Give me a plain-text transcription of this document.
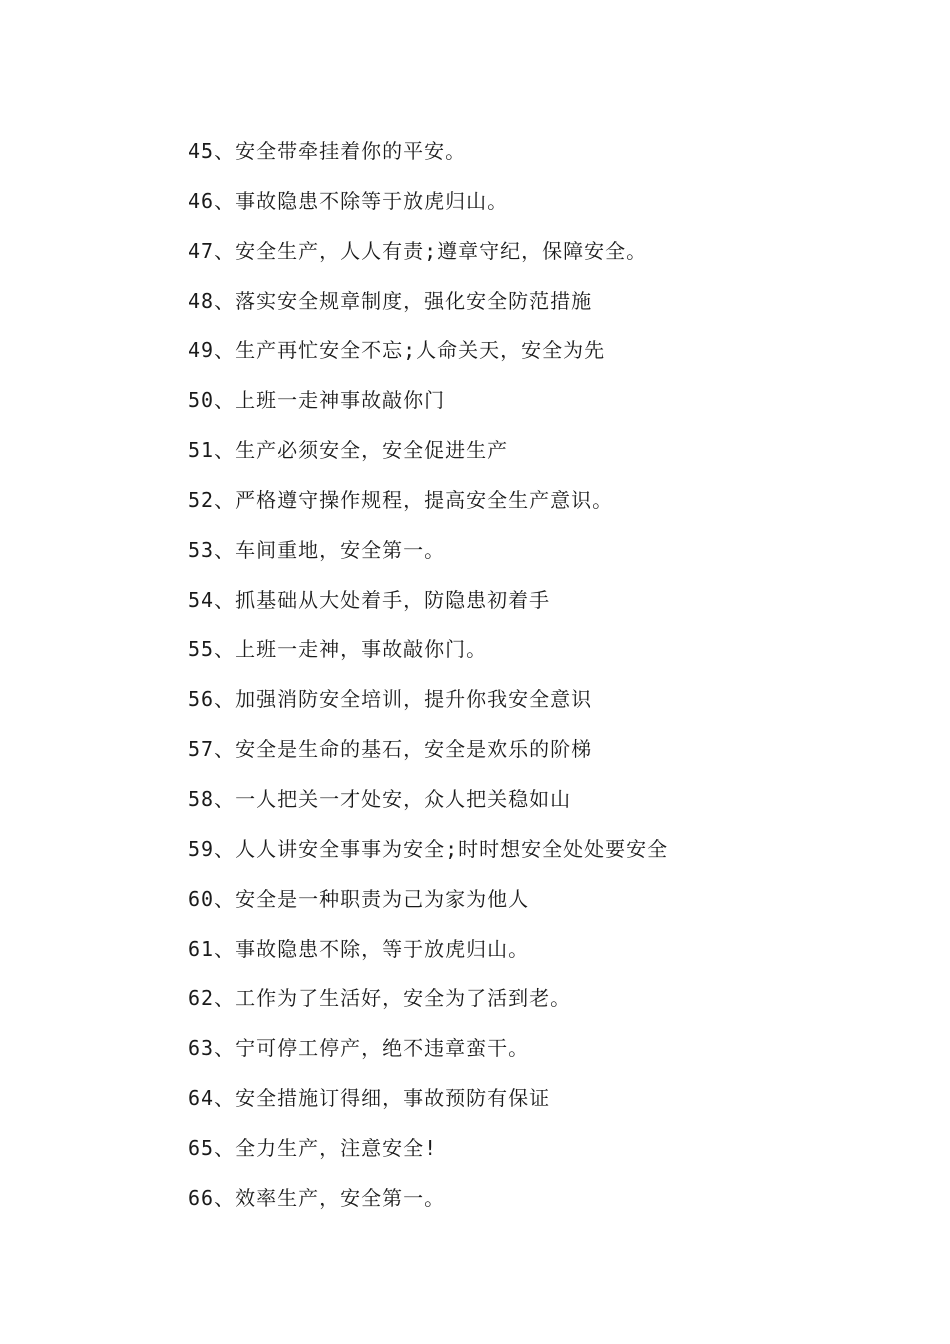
45、安全带牵挂着你的平安。
46、事故隐患不除等于放虎归山。
47、安全生产，人人有责;遵章守纪，保障安全。
48、落实安全规章制度，强化安全防范措施
49、生产再忙安全不忘;人命关天，安全为先
50、上班一走神事故敲你门
51、生产必须安全，安全促进生产
52、严格遵守操作规程，提高安全生产意识。
53、车间重地，安全第一。
54、抓基础从大处着手，防隐患初着手
55、上班一走神，事故敲你门。
56、加强消防安全培训，提升你我安全意识
57、安全是生命的基石，安全是欢乐的阶梯
58、一人把关一才处安，众人把关稳如山
59、人人讲安全事事为安全;时时想安全处处要安全
60、安全是一种职责为己为家为他人
61、事故隐患不除，等于放虎归山。
62、工作为了生活好，安全为了活到老。
63、宁可停工停产，绝不违章蛮干。
64、安全措施订得细，事故预防有保证
65、全力生产，注意安全!
66、效率生产，安全第一。
